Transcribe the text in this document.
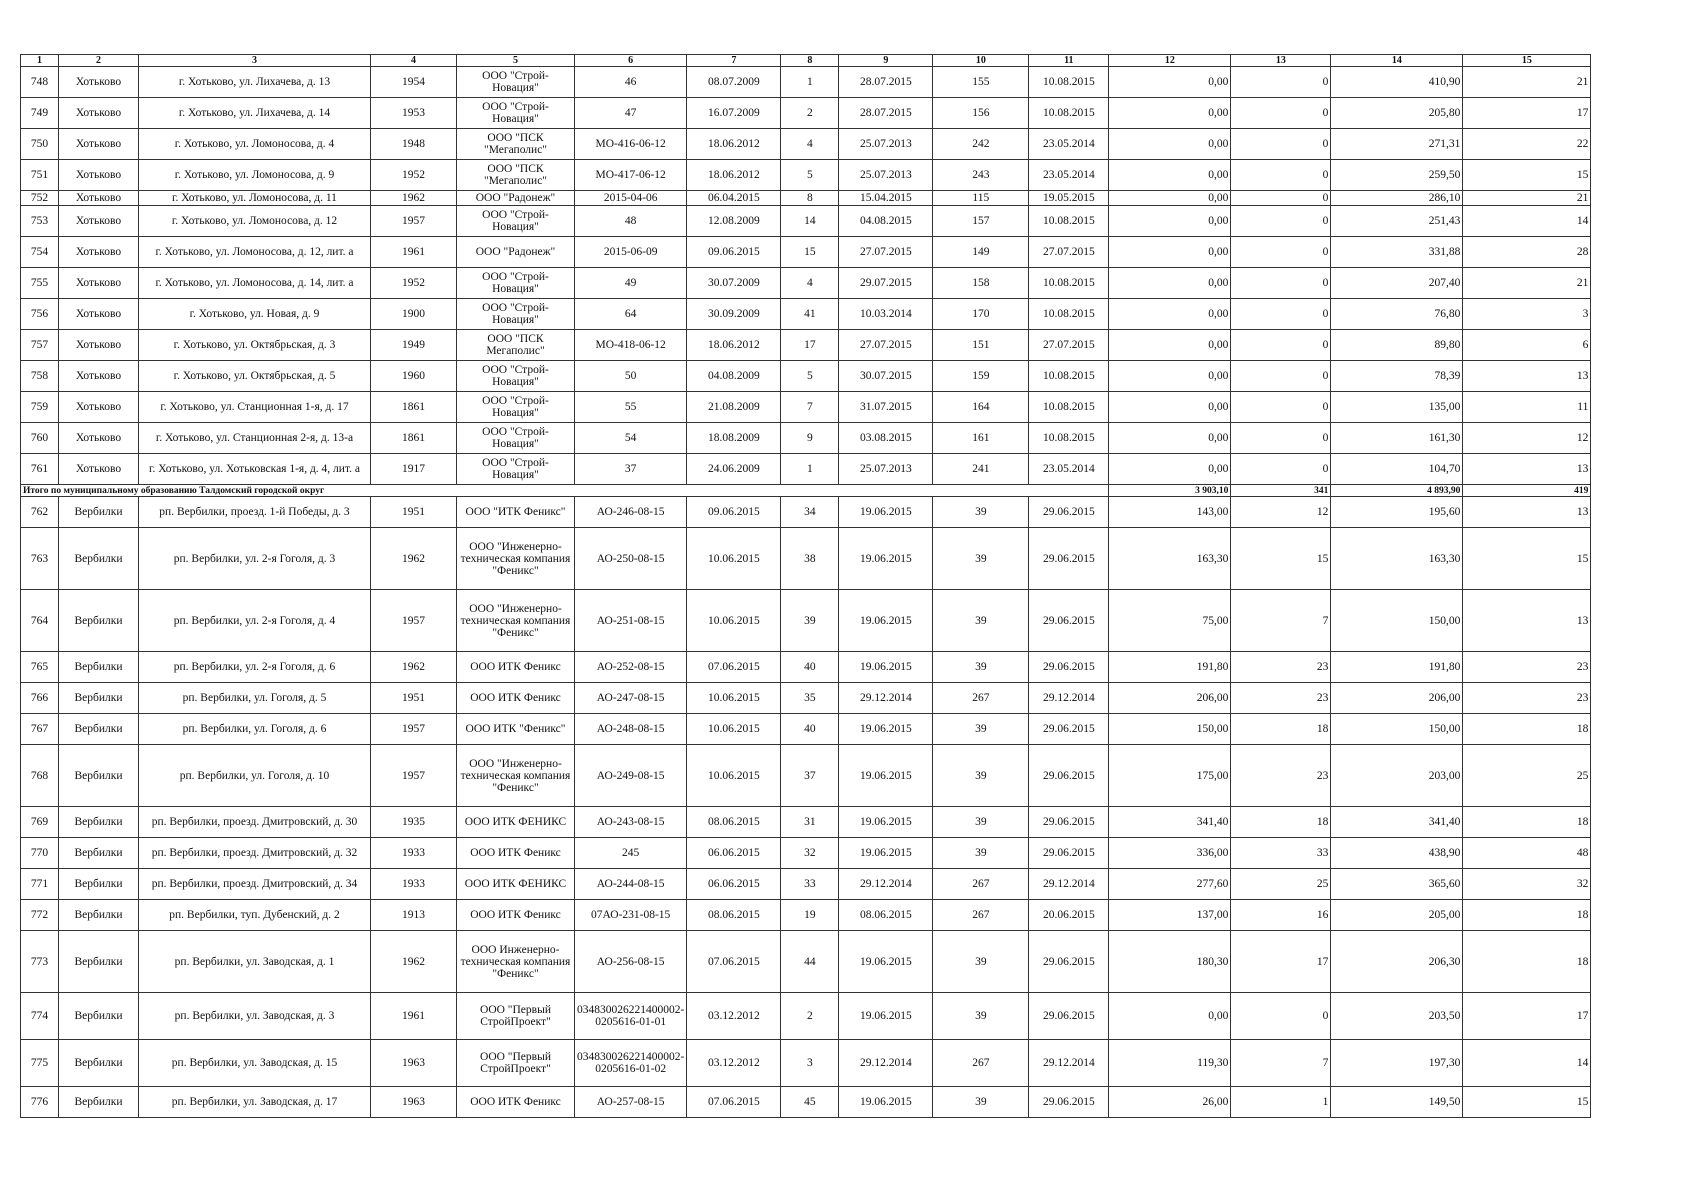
1	2	3	4	5	6	7	8	9	10	11	12	13	14	15
748	Хотьково	г. Хотьково, ул. Лихачева, д. 13	1954	ООО "Строй-Новация"	46	08.07.2009	1	28.07.2015	155	10.08.2015	0,00	0	410,90	21
749	Хотьково	г. Хотьково, ул. Лихачева, д. 14	1953	ООО "Строй-Новация"	47	16.07.2009	2	28.07.2015	156	10.08.2015	0,00	0	205,80	17
750	Хотьково	г. Хотьково, ул. Ломоносова, д. 4	1948	ООО "ПСК "Мегаполис"	МО-416-06-12	18.06.2012	4	25.07.2013	242	23.05.2014	0,00	0	271,31	22
751	Хотьково	г. Хотьково, ул. Ломоносова, д. 9	1952	ООО "ПСК "Мегаполис"	МО-417-06-12	18.06.2012	5	25.07.2013	243	23.05.2014	0,00	0	259,50	15
752	Хотьково	г. Хотьково, ул. Ломоносова, д. 11	1962	ООО "Радонеж"	2015-04-06	06.04.2015	8	15.04.2015	115	19.05.2015	0,00	0	286,10	21
753	Хотьково	г. Хотьково, ул. Ломоносова, д. 12	1957	ООО "Строй-Новация"	48	12.08.2009	14	04.08.2015	157	10.08.2015	0,00	0	251,43	14
754	Хотьково	г. Хотьково, ул. Ломоносова, д. 12, лит. а	1961	ООО "Радонеж"	2015-06-09	09.06.2015	15	27.07.2015	149	27.07.2015	0,00	0	331,88	28
755	Хотьково	г. Хотьково, ул. Ломоносова, д. 14, лит. а	1952	ООО "Строй-Новация"	49	30.07.2009	4	29.07.2015	158	10.08.2015	0,00	0	207,40	21
756	Хотьково	г. Хотьково, ул. Новая, д. 9	1900	ООО "Строй-Новация"	64	30.09.2009	41	10.03.2014	170	10.08.2015	0,00	0	76,80	3
757	Хотьково	г. Хотьково, ул. Октябрьская, д. 3	1949	ООО "ПСК Мегаполис"	МО-418-06-12	18.06.2012	17	27.07.2015	151	27.07.2015	0,00	0	89,80	6
758	Хотьково	г. Хотьково, ул. Октябрьская, д. 5	1960	ООО "Строй-Новация"	50	04.08.2009	5	30.07.2015	159	10.08.2015	0,00	0	78,39	13
759	Хотьково	г. Хотьково, ул. Станционная 1-я, д. 17	1861	ООО "Строй-Новация"	55	21.08.2009	7	31.07.2015	164	10.08.2015	0,00	0	135,00	11
760	Хотьково	г. Хотьково, ул. Станционная 2-я, д. 13-а	1861	ООО "Строй-Новация"	54	18.08.2009	9	03.08.2015	161	10.08.2015	0,00	0	161,30	12
761	Хотьково	г. Хотьково, ул. Хотьковская 1-я, д. 4, лит. а	1917	ООО "Строй-Новация"	37	24.06.2009	1	25.07.2013	241	23.05.2014	0,00	0	104,70	13
Итого по муниципальному образованию Талдомский городской округ											3 903,10	341	4 893,90	419
762	Вербилки	рп. Вербилки, проезд. 1-й Победы, д. 3	1951	ООО "ИТК Феникс"	АО-246-08-15	09.06.2015	34	19.06.2015	39	29.06.2015	143,00	12	195,60	13
763	Вербилки	рп. Вербилки, ул. 2-я Гоголя, д. 3	1962	ООО "Инженерно-техническая компания "Феникс"	АО-250-08-15	10.06.2015	38	19.06.2015	39	29.06.2015	163,30	15	163,30	15
764	Вербилки	рп. Вербилки, ул. 2-я Гоголя, д. 4	1957	ООО "Инженерно-техническая компания "Феникс"	АО-251-08-15	10.06.2015	39	19.06.2015	39	29.06.2015	75,00	7	150,00	13
765	Вербилки	рп. Вербилки, ул. 2-я Гоголя, д. 6	1962	ООО ИТК Феникс	АО-252-08-15	07.06.2015	40	19.06.2015	39	29.06.2015	191,80	23	191,80	23
766	Вербилки	рп. Вербилки, ул. Гоголя, д. 5	1951	ООО ИТК Феникс	АО-247-08-15	10.06.2015	35	29.12.2014	267	29.12.2014	206,00	23	206,00	23
767	Вербилки	рп. Вербилки, ул. Гоголя, д. 6	1957	ООО ИТК "Феникс"	АО-248-08-15	10.06.2015	40	19.06.2015	39	29.06.2015	150,00	18	150,00	18
768	Вербилки	рп. Вербилки, ул. Гоголя, д. 10	1957	ООО "Инженерно-техническая компания "Феникс"	АО-249-08-15	10.06.2015	37	19.06.2015	39	29.06.2015	175,00	23	203,00	25
769	Вербилки	рп. Вербилки, проезд. Дмитровский, д. 30	1935	ООО ИТК ФЕНИКС	АО-243-08-15	08.06.2015	31	19.06.2015	39	29.06.2015	341,40	18	341,40	18
770	Вербилки	рп. Вербилки, проезд. Дмитровский, д. 32	1933	ООО ИТК Феникс	245	06.06.2015	32	19.06.2015	39	29.06.2015	336,00	33	438,90	48
771	Вербилки	рп. Вербилки, проезд. Дмитровский, д. 34	1933	ООО ИТК ФЕНИКС	АО-244-08-15	06.06.2015	33	29.12.2014	267	29.12.2014	277,60	25	365,60	32
772	Вербилки	рп. Вербилки, туп. Дубенский, д. 2	1913	ООО ИТК Феникс	07АО-231-08-15	08.06.2015	19	08.06.2015	267	20.06.2015	137,00	16	205,00	18
773	Вербилки	рп. Вербилки, ул. Заводская, д. 1	1962	ООО Инженерно-техническая компания "Феникс"	АО-256-08-15	07.06.2015	44	19.06.2015	39	29.06.2015	180,30	17	206,30	18
774	Вербилки	рп. Вербилки, ул. Заводская, д. 3	1961	ООО "Первый СтройПроект"	034830026221400002-0205616-01-01	03.12.2012	2	19.06.2015	39	29.06.2015	0,00	0	203,50	17
775	Вербилки	рп. Вербилки, ул. Заводская, д. 15	1963	ООО "Первый СтройПроект"	034830026221400002-0205616-01-02	03.12.2012	3	29.12.2014	267	29.12.2014	119,30	7	197,30	14
776	Вербилки	рп. Вербилки, ул. Заводская, д. 17	1963	ООО ИТК Феникс	АО-257-08-15	07.06.2015	45	19.06.2015	39	29.06.2015	26,00	1	149,50	15
